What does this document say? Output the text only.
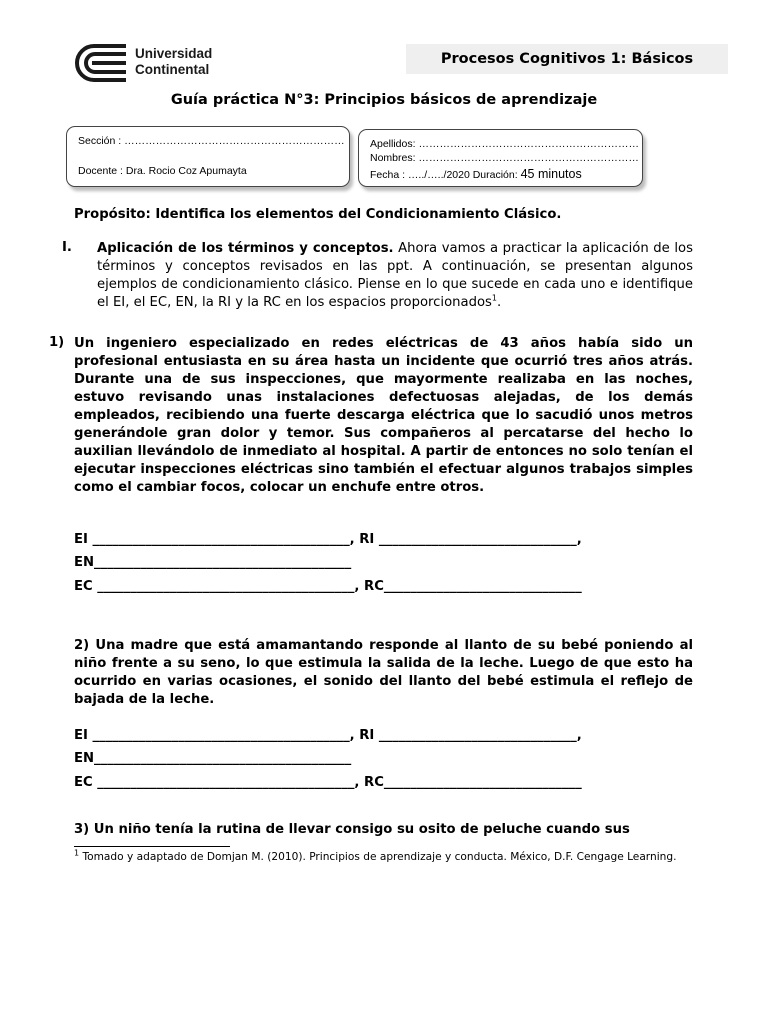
Universidad
Continental
Procesos Cognitivos 1: Básicos
Guía práctica N°3: Principios básicos de aprendizaje
Sección : ………………………………………………………
Docente : Dra. Rocio Coz Apumayta
Apellidos: ………………………………………………………
Nombres: ………………………………………………………
Fecha : …../…../2020 Duración: 45 minutos
Propósito: Identifica los elementos del Condicionamiento Clásico.
I. Aplicación de los términos y conceptos. Ahora vamos a practicar la aplicación de los términos y conceptos revisados en las ppt. A continuación, se presentan algunos ejemplos de condicionamiento clásico. Piense en lo que sucede en cada uno e identifique el EI, el EC, EN, la RI y la RC en los espacios proporcionados$^1$.
1) Un ingeniero especializado en redes eléctricas de 43 años había sido un profesional entusiasta en su área hasta un incidente que ocurrió tres años atrás. Durante una de sus inspecciones, que mayormente realizaba en las noches, estuvo revisando unas instalaciones defectuosas alejadas, de los demás empleados, recibiendo una fuerte descarga eléctrica que lo sacudió unos metros generándole gran dolor y temor. Sus compañeros al percatarse del hecho lo auxilian llevándolo de inmediato al hospital. A partir de entonces no solo tenían el ejecutar inspecciones eléctricas sino también el efectuar algunos trabajos simples como el cambiar focos, colocar un enchufe entre otros.
EI _______________________________________, RI ______________________________,
EN_______________________________________
EC _______________________________________, RC______________________________
2) Una madre que está amamantando responde al llanto de su bebé poniendo al niño frente a su seno, lo que estimula la salida de la leche. Luego de que esto ha ocurrido en varias ocasiones, el sonido del llanto del bebé estimula el reflejo de bajada de la leche.
EI _______________________________________, RI ______________________________,
EN_______________________________________
EC _______________________________________, RC______________________________
3) Un niño tenía la rutina de llevar consigo su osito de peluche cuando sus
$^1$ Tomado y adaptado de Domjan M. (2010). Principios de aprendizaje y conducta. México, D.F. Cengage Learning.
